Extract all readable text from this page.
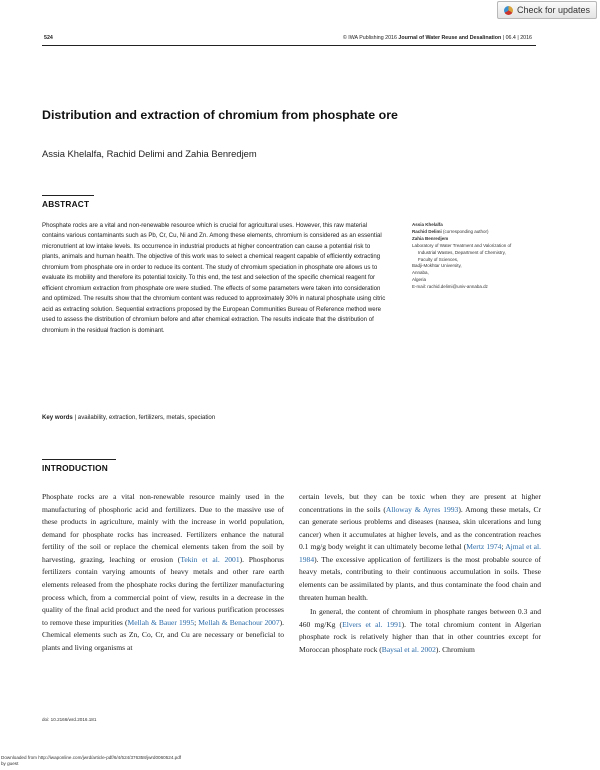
Check for updates
524	© IWA Publishing 2016 Journal of Water Reuse and Desalination | 06.4 | 2016
Distribution and extraction of chromium from phosphate ore
Assia Khelalfa, Rachid Delimi and Zahia Benredjem
ABSTRACT
Phosphate rocks are a vital and non-renewable resource which is crucial for agricultural uses. However, this raw material contains various contaminants such as Pb, Cr, Cu, Ni and Zn. Among these elements, chromium is considered as an essential micronutrient at low intake levels. Its occurrence in industrial products at higher concentration can cause a potential risk to plants, animals and human health. The objective of this work was to select a chemical reagent capable of efficiently extracting chromium from phosphate ore in order to reduce its content. The study of chromium speciation in phosphate ore allows us to evaluate its mobility and therefore its potential toxicity. To this end, the test and selection of the specific chemical reagent for efficient chromium extraction from phosphate ore were studied. The effects of some parameters were taken into consideration and optimized. The results show that the chromium content was reduced to approximately 30% in natural phosphate using citric acid as extracting solution. Sequential extractions proposed by the European Communities Bureau of Reference method were used to assess the distribution of chromium before and after chemical extraction. The results indicate that the distribution of chromium in the residual fraction is dominant.
Key words | availability, extraction, fertilizers, metals, speciation
Assia Khelalfa
Rachid Delimi (corresponding author)
Zahia Benredjem
Laboratory of Water Treatment and Valorization of
Industrial Wastes, Department of Chemistry,
Faculty of Sciences,
Badji-Mokhtar University,
Annaba,
Algeria
E-mail: rachid.delimi@univ-annaba.dz
INTRODUCTION

Phosphate rocks are a vital non-renewable resource mainly used in the manufacturing of phosphoric acid and fertilizers. Due to the massive use of these products in agriculture, mainly with the increase in world population, demand for phosphate rocks has increased. Fertilizers enhance the natural fertility of the soil or replace the chemical elements taken from the soil by harvesting, grazing, leaching or erosion (Tekin et al. 2001). Phosphorus fertilizers contain varying amounts of heavy metals and other rare earth elements released from the phosphate rocks during the fertilizer manufacturing process which, from a commercial point of view, results in a decrease in the quality of the final acid product and the need for various purification processes to remove these impurities (Mellah & Bauer 1995; Mellah & Benachour 2007). Chemical elements such as Zn, Co, Cr, and Cu are necessary or beneficial to plants and living organisms at

certain levels, but they can be toxic when they are present at higher concentrations in the soils (Alloway & Ayres 1993). Among these metals, Cr can generate serious problems and diseases (nausea, skin ulcerations and lung cancer) when it accumulates at higher levels, and as the concentration reaches 0.1 mg/g body weight it can ultimately become lethal (Mertz 1974; Ajmal et al. 1984). The excessive application of fertilizers is the most probable source of heavy metals, contributing to their continuous accumulation in soils. These elements can be assimilated by plants, and thus contaminate the food chain and threaten human health.

In general, the content of chromium in phosphate ranges between 0.3 and 460 mg/Kg (Elvers et al. 1991). The total chromium content in Algerian phosphate rock is relatively higher than that in other countries except for Moroccan phosphate rock (Baysal et al. 2002). Chromium

doi: 10.2166/wrd.2016.181
Downloaded from http://iwaponline.com/jwrd/article-pdf/6/4/524/376358/jwrd0060524.pdf
by guest
